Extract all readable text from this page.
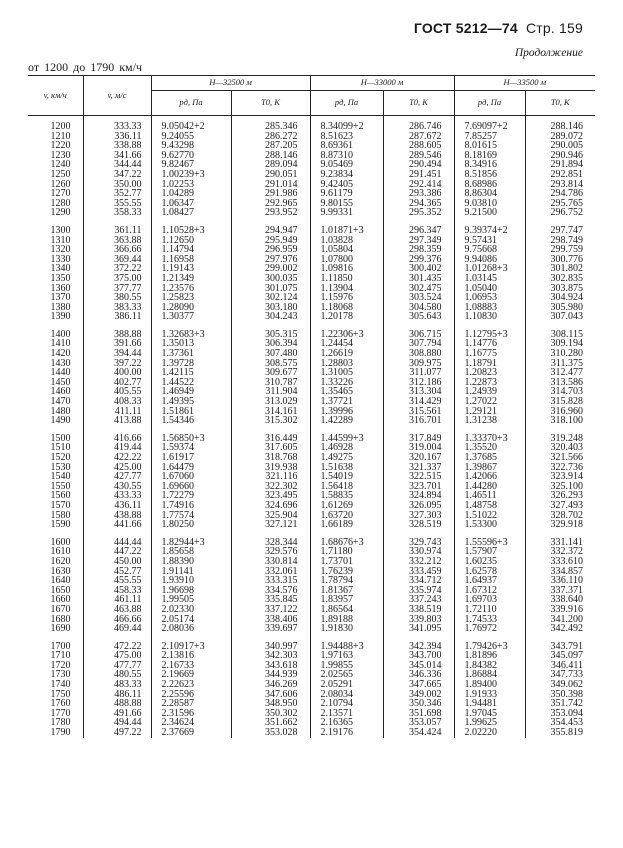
ГОСТ 5212—74 Стр. 159
Продолжение
от 1200 до 1790 км/ч
v, км/ч	v, м/с	H—32500 м		H—33000 м		H—33500 м	
		pд, Па	T0, К	pд, Па	T0, К	pд, Па	T0, К
1200	333.33	9.05042+2	285.346	8.34099+2	286.746	7.69097+2	288.146
1210	336.11	9.24055	286.272	8.51623	287.672	7.85257	289.072
1220	338.88	9.43298	287.205	8.69361	288.605	8.01615	290.005
1230	341.66	9.62770	288.146	8.87310	289.546	8.18169	290.946
1240	344.44	9.82467	289.094	9.05469	290.494	8.34916	291.894
1250	347.22	1.00239+3	290.051	9.23834	291.451	8.51856	292.851
1260	350.00	1.02253	291.014	9.42405	292.414	8.68986	293.814
1270	352.77	1.04289	291.986	9.61179	293.386	8.86304	294.786
1280	355.55	1.06347	292.965	9.80155	294.365	9.03810	295.765
1290	358.33	1.08427	293.952	9.99331	295.352	9.21500	296.752

1300	361.11	1.10528+3	294.947	1.01871+3	296.347	9.39374+2	297.747
1310	363.88	1.12650	295.949	1.03828	297.349	9.57431	298.749
1320	366.66	1.14794	296.959	1.05804	298.359	9.75668	299.759
1330	369.44	1.16958	297.976	1.07800	299.376	9.94086	300.776
1340	372.22	1.19143	299.002	1.09816	300.402	1.01268+3	301.802
1350	375.00	1.21349	300.035	1.11850	301.435	1.03145	302.835
1360	377.77	1.23576	301.075	1.13904	302.475	1.05040	303.875
1370	380.55	1.25823	302.124	1.15976	303.524	1.06953	304.924
1380	383.33	1.28090	303.180	1.18068	304.580	1.08883	305.980
1390	386.11	1.30377	304.243	1.20178	305.643	1.10830	307.043

1400	388.88	1.32683+3	305.315	1.22306+3	306.715	1.12795+3	308.115
1410	391.66	1.35013	306.394	1.24454	307.794	1.14776	309.194
1420	394.44	1.37361	307.480	1.26619	308.880	1.16775	310.280
1430	397.22	1.39728	308.575	1.28803	309.975	1.18791	311.375
1440	400.00	1.42115	309.677	1.31005	311.077	1.20823	312.477
1450	402.77	1.44522	310.787	1.33226	312.186	1.22873	313.586
1460	405.55	1.46949	311.904	1.35465	313.304	1.24939	314.703
1470	408.33	1.49395	313.029	1.37721	314.429	1.27022	315.828
1480	411.11	1.51861	314.161	1.39996	315.561	1.29121	316.960
1490	413.88	1.54346	315.302	1.42289	316.701	1.31238	318.100

1500	416.66	1.56850+3	316.449	1.44599+3	317.849	1.33370+3	319.248
1510	419.44	1.59374	317.605	1.46928	319.004	1.35520	320.403
1520	422.22	1.61917	318.768	1.49275	320.167	1.37685	321.566
1530	425.00	1.64479	319.938	1.51638	321.337	1.39867	322.736
1540	427.77	1.67060	321.116	1.54019	322.515	1.42066	323.914
1550	430.55	1.69660	322.302	1.56418	323.701	1.44280	325.100
1560	433.33	1.72279	323.495	1.58835	324.894	1.46511	326.293
1570	436.11	1.74916	324.696	1.61269	326.095	1.48758	327.493
1580	438.88	1.77574	325.904	1.63720	327.303	1.51022	328.702
1590	441.66	1.80250	327.121	1.66189	328.519	1.53300	329.918

1600	444.44	1.82944+3	328.344	1.68676+3	329.743	1.55596+3	331.141
1610	447.22	1.85658	329.576	1.71180	330.974	1.57907	332.372
1620	450.00	1.88390	330.814	1.73701	332.212	1.60235	333.610
1630	452.77	1.91141	332.061	1.76239	333.459	1.62578	334.857
1640	455.55	1.93910	333.315	1.78794	334.712	1.64937	336.110
1650	458.33	1.96698	334.576	1.81367	335.974	1.67312	337.371
1660	461.11	1.99505	335.845	1.83957	337.243	1.69703	338.640
1670	463.88	2.02330	337.122	1.86564	338.519	1.72110	339.916
1680	466.66	2.05174	338.406	1.89188	339.803	1.74533	341.200
1690	469.44	2.08036	339.697	1.91830	341.095	1.76972	342.492

1700	472.22	2.10917+3	340.997	1.94488+3	342.394	1.79426+3	343.791
1710	475.00	2.13816	342.303	1.97163	343.700	1.81896	345.097
1720	477.77	2.16733	343.618	1.99855	345.014	1.84382	346.411
1730	480.55	2.19669	344.939	2.02565	346.336	1.86884	347.733
1740	483.33	2.22623	346.269	2.05291	347.665	1.89400	349.062
1750	486.11	2.25596	347.606	2.08034	349.002	1.91933	350.398
1760	488.88	2.28587	348.950	2.10794	350.346	1.94481	351.742
1770	491.66	2.31596	350.302	2.13571	351.698	1.97045	353.094
1780	494.44	2.34624	351.662	2.16365	353.057	1.99625	354.453
1790	497.22	2.37669	353.028	2.19176	354.424	2.02220	355.819
